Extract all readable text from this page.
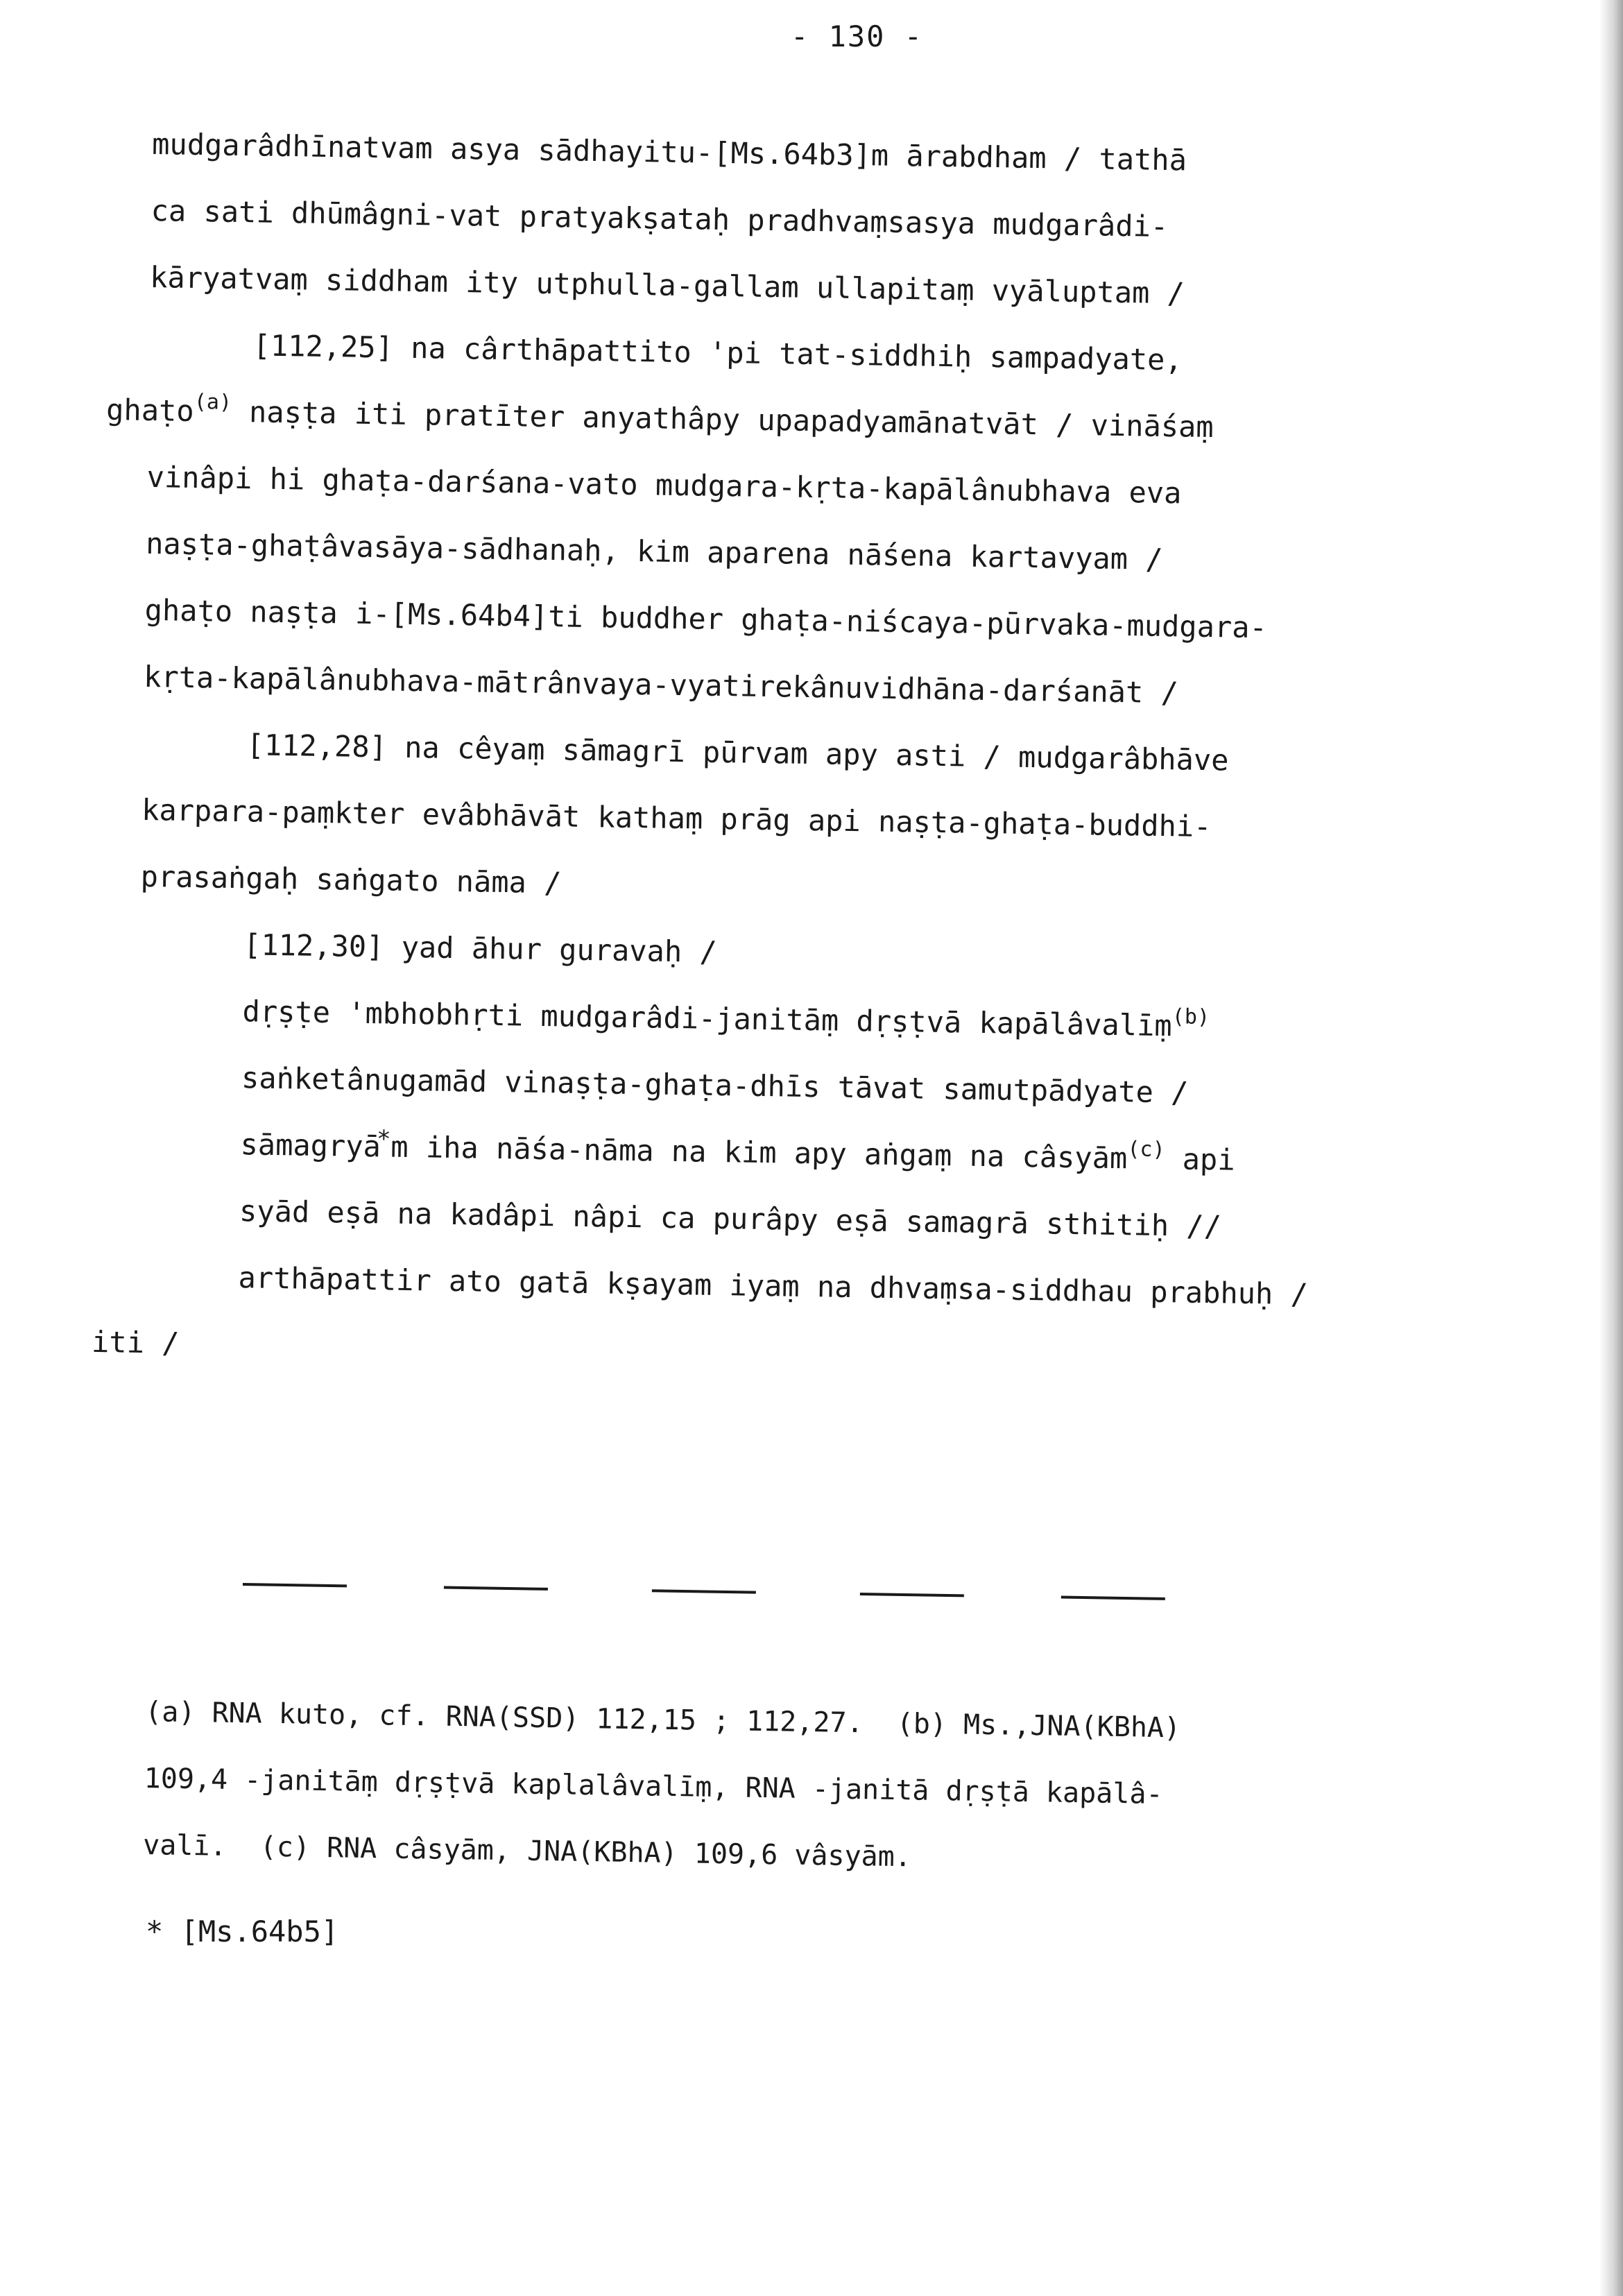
- 130 -
mudgarâdhīnatvam asya sādhayitu-[Ms.64b3]m ārabdham / tathā
ca sati dhūmâgni-vat pratyakṣataḥ pradhvaṃsasya mudgarâdi-
kāryatvaṃ siddham ity utphulla-gallam ullapitaṃ vyāluptam /
[112,25] na cârthāpattito 'pi tat-siddhiḥ sampadyate,
ghaṭo$^{(a)}$ naṣṭa iti pratīter anyathâpy upapadyamānatvāt / vināśaṃ
vinâpi hi ghaṭa-darśana-vato mudgara-kṛta-kapālânubhava eva
naṣṭa-ghaṭâvasāya-sādhanaḥ, kim aparena nāśena kartavyam /
ghaṭo naṣṭa i-[Ms.64b4]ti buddher ghaṭa-niścaya-pūrvaka-mudgara-
kṛta-kapālânubhava-mātrânvaya-vyatirekânuvidhāna-darśanāt /
[112,28] na cêyaṃ sāmagrī pūrvam apy asti / mudgarâbhāve
karpara-paṃkter evâbhāvāt kathaṃ prāg api naṣṭa-ghaṭa-buddhi-
prasaṅgaḥ saṅgato nāma /
[112,30] yad āhur guravaḥ /
dṛṣṭe 'mbhobhṛti mudgarâdi-janitāṃ dṛṣṭvā kapālâvalīṃ$^{(b)}$
saṅketânugamād vinaṣṭa-ghaṭa-dhīs tāvat samutpādyate /
sāmagryā*m iha nāśa-nāma na kim apy aṅgaṃ na câsyām$^{(c)}$ api
syād eṣā na kadâpi nâpi ca purâpy eṣā samagrā sthitiḥ //
arthāpattir ato gatā kṣayam iyaṃ na dhvaṃsa-siddhau prabhuḥ /
iti /
(a) RNA kuto, cf. RNA(SSD) 112,15 ; 112,27.  (b) Ms.,JNA(KBhA)
109,4 -janitāṃ dṛṣṭvā kaplalâvalīṃ, RNA -janitā dṛṣṭā kapālâ-
valī.  (c) RNA câsyām, JNA(KBhA) 109,6 vâsyām.
* [Ms.64b5]
